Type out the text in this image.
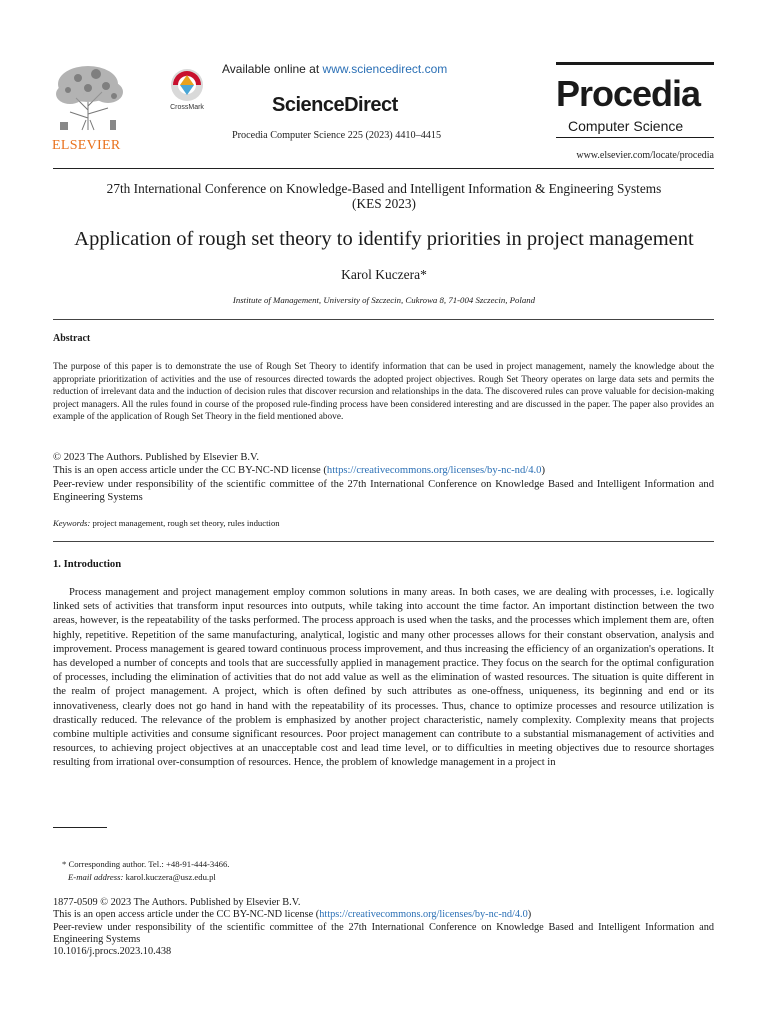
ELSEVIER
CrossMark
Available online at www.sciencedirect.com
ScienceDirect
Procedia Computer Science 225 (2023) 4410–4415
Procedia
Computer Science
www.elsevier.com/locate/procedia
27th International Conference on Knowledge-Based and Intelligent Information & Engineering Systems
(KES 2023)
Application of rough set theory to identify priorities in project management
Karol Kuczera*
Institute of Management, University of Szczecin, Cukrowa 8, 71-004 Szczecin, Poland
Abstract
The purpose of this paper is to demonstrate the use of Rough Set Theory to identify information that can be used in project management, namely the knowledge about the appropriate prioritization of activities and the use of resources directed towards the adopted project objectives. Rough Set Theory operates on large data sets and permits the reduction of irrelevant data and the induction of decision rules that discover recursion and relationships in the data. The discovered rules can prove valuable for decision-making project managers. All the rules found in course of the proposed rule-finding process have been considered interesting and are discussed in the paper. The paper also provides an example of the application of Rough Set Theory in the field mentioned above.
© 2023 The Authors. Published by Elsevier B.V.
This is an open access article under the CC BY-NC-ND license (https://creativecommons.org/licenses/by-nc-nd/4.0)
Peer-review under responsibility of the scientific committee of the 27th International Conference on Knowledge Based and Intelligent Information and Engineering Systems
Keywords: project management, rough set theory, rules induction
1. Introduction
Process management and project management employ common solutions in many areas. In both cases, we are dealing with processes, i.e. logically linked sets of activities that transform input resources into outputs, while taking into account the time factor. An important distinction between the two areas, however, is the repeatability of the tasks performed. The process approach is used when the tasks, and the processes which implement them are, often highly, repetitive. Repetition of the same manufacturing, analytical, logistic and many other processes allows for their constant observation, analysis and improvement. Process management is geared toward continuous process improvement, and thus increasing the efficiency of an organization's operations. It has developed a number of concepts and tools that are successfully applied in management practice. They focus on the search for the optimal configuration of processes, including the elimination of activities that do not add value as well as the elimination of wasted resources. The situation is quite different in the realm of project management. A project, which is often defined by such attributes as one-offness, uniqueness, its beginning and end or its innovativeness, clearly does not go hand in hand with the repeatability of its processes. Thus, chance to optimize processes and resource utilization is drastically reduced. The relevance of the problem is emphasized by another project characteristic, namely complexity. Complexity means that projects combine multiple activities and consume significant resources. Poor project management can contribute to a substantial mismanagement of activities and resources, to achieving project objectives at an unacceptable cost and lead time level, or to difficulties in meeting objectives due to resource shortages resulting from irrational over-consumption of resources. Hence, the problem of knowledge management in a project in
* Corresponding author. Tel.: +48-91-444-3466.
E-mail address: karol.kuczera@usz.edu.pl
1877-0509 © 2023 The Authors. Published by Elsevier B.V.
This is an open access article under the CC BY-NC-ND license (https://creativecommons.org/licenses/by-nc-nd/4.0)
Peer-review under responsibility of the scientific committee of the 27th International Conference on Knowledge Based and Intelligent Information and Engineering Systems
10.1016/j.procs.2023.10.438
